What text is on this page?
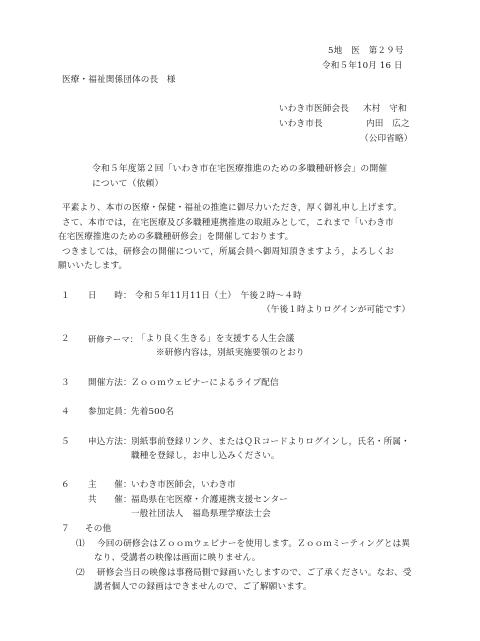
5地　医　第２９号
令和５年10月 16 日
医療・福祉関係団体の長　様
いわき市医師会長 木村　守和
いわき市長	内田　広之
（公印省略）
令和５年度第２回「いわき市在宅医療推進のための多職種研修会」の開催
について（依頼）
平素より、本市の医療・保健・福祉の推進に御尽力いただき，厚く御礼申し上げます。
さて、本市では，在宅医療及び多職種連携推進の取組みとして，これまで「いわき市
在宅医療推進のための多職種研修会」を開催しております。
つきましては，研修会の開催について，所属会員へ御周知頂きますよう，よろしくお
願いいたします。
１ 日　　時： 令和５年11月11日（土）　午後２時～４時
（午後１時よりログインが可能です）
２ 研修テーマ：
「より良く生きる」を支援する人生会議
※研修内容は，別紙実施要領のとおり
３ 開催方法： Ｚｏｏｍウェビナーによるライブ配信
４ 参加定員： 先着500名
５ 申込方法： 別紙事前登録リンク、またはＱＲコードよりログインし，氏名・所属・
職種を登録し，お申し込みください。
６ 主　　催： いわき市医師会，いわき市
共　　催： 福島県在宅医療・介護連携支援センター
一般社団法人　福島県理学療法士会
７ その他
⑴ 今回の研修会はＺｏｏｍウェビナーを使用します。Ｚｏｏｍミーティングとは異
なり、受講者の映像は画面に映りません。
⑵ 研修会当日の映像は事務局側で録画いたしますので、ご了承ください。なお、受
講者個人での録画はできませんので、ご了解願います。
